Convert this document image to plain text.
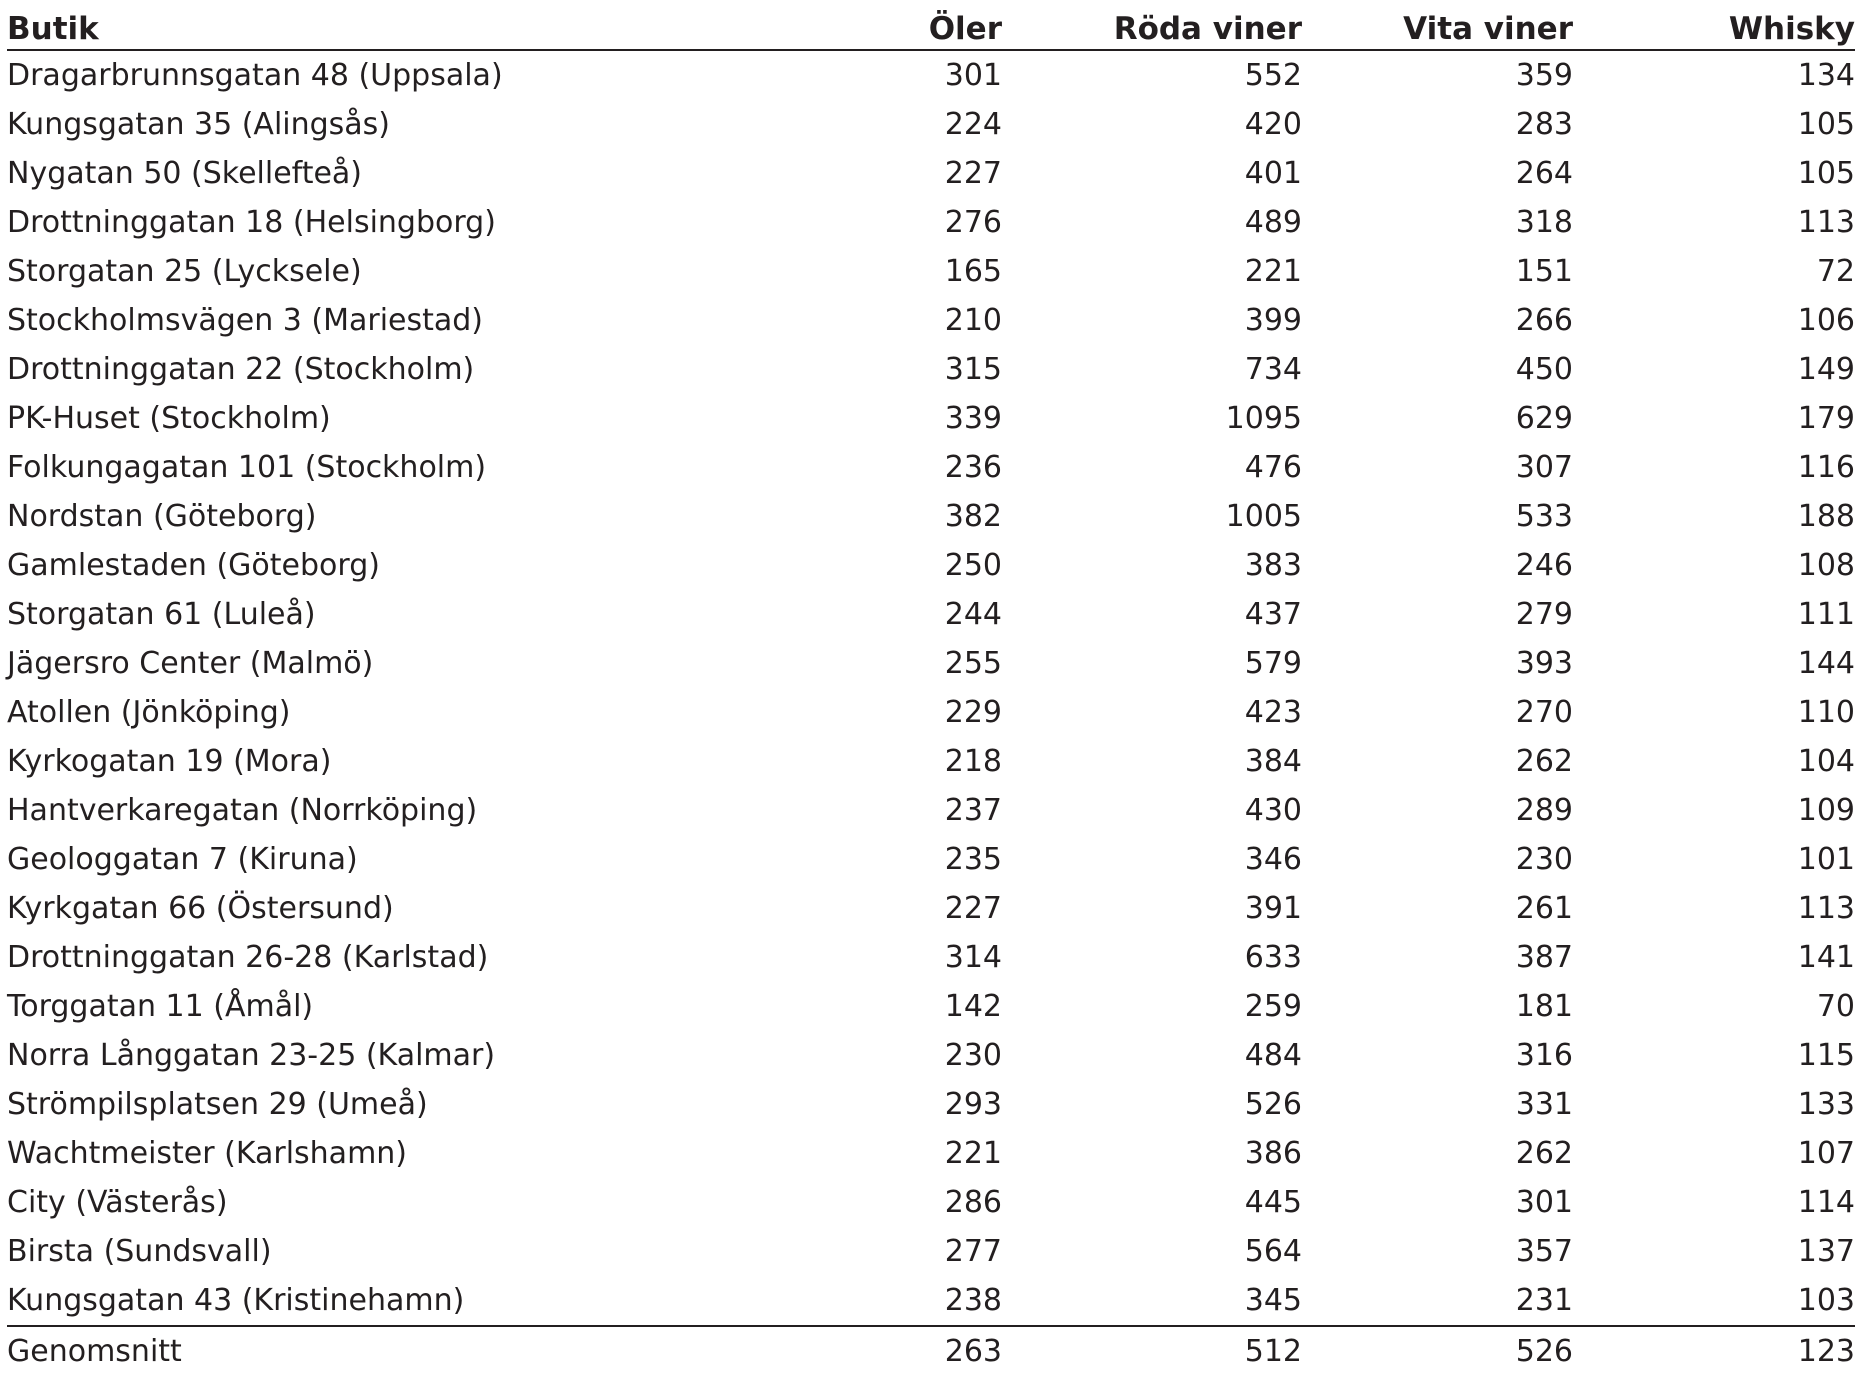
Butik	Öler	Röda viner	Vita viner	Whisky
Dragarbrunnsgatan 48 (Uppsala)	301	552	359	134
Kungsgatan 35 (Alingsås)	224	420	283	105
Nygatan 50 (Skellefteå)	227	401	264	105
Drottninggatan 18 (Helsingborg)	276	489	318	113
Storgatan 25 (Lycksele)	165	221	151	72
Stockholmsvägen 3 (Mariestad)	210	399	266	106
Drottninggatan 22 (Stockholm)	315	734	450	149
PK-Huset (Stockholm)	339	1095	629	179
Folkungagatan 101 (Stockholm)	236	476	307	116
Nordstan (Göteborg)	382	1005	533	188
Gamlestaden (Göteborg)	250	383	246	108
Storgatan 61 (Luleå)	244	437	279	111
Jägersro Center (Malmö)	255	579	393	144
Atollen (Jönköping)	229	423	270	110
Kyrkogatan 19 (Mora)	218	384	262	104
Hantverkaregatan (Norrköping)	237	430	289	109
Geologgatan 7 (Kiruna)	235	346	230	101
Kyrkgatan 66 (Östersund)	227	391	261	113
Drottninggatan 26-28 (Karlstad)	314	633	387	141
Torggatan 11 (Åmål)	142	259	181	70
Norra Långgatan 23-25 (Kalmar)	230	484	316	115
Strömpilsplatsen 29 (Umeå)	293	526	331	133
Wachtmeister (Karlshamn)	221	386	262	107
City (Västerås)	286	445	301	114
Birsta (Sundsvall)	277	564	357	137
Kungsgatan 43 (Kristinehamn)	238	345	231	103
Genomsnitt	263	512	526	123
